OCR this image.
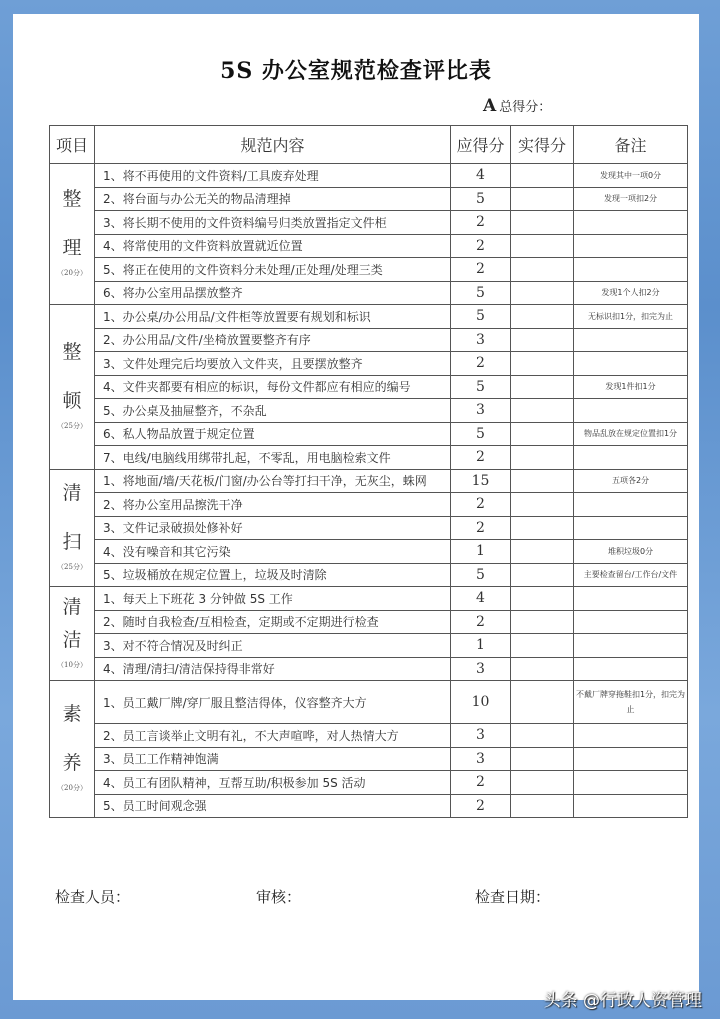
5S 办公室规范检查评比表
A 总得分：
项目	规范内容	应得分	实得分	备注

整
理
（20分）	1、将不再使用的文件资料/工具废弃处理	4		发现其中一项0分
	2、将台面与办公无关的物品清理掉	5		发现一项扣2分
	3、将长期不使用的文件资料编号归类放置指定文件柜	2		
	4、将常使用的文件资料放置就近位置	2		
	5、将正在使用的文件资料分未处理/正处理/处理三类	2		
	6、将办公室用品摆放整齐	5		发现1个人扣2分

整
顿
（25分）	1、办公桌/办公用品/文件柜等放置要有规划和标识	5		无标识扣1分，扣完为止
	2、办公用品/文件/坐椅放置要整齐有序	3		
	3、文件处理完后均要放入文件夹，且要摆放整齐	2		
	4、文件夹都要有相应的标识，每份文件都应有相应的编号	5		发现1件扣1分
	5、办公桌及抽屉整齐，不杂乱	3		
	6、私人物品放置于规定位置	5		物品乱放在规定位置扣1分
	7、电线/电脑线用绑带扎起，不零乱，用电脑检索文件	2		

清
扫
（25分）	1、将地面/墙/天花板/门窗/办公台等打扫干净，无灰尘，蛛网	15		五项各2分
	2、将办公室用品擦洗干净	2		
	3、文件记录破损处修补好	2		
	4、没有噪音和其它污染	1		堆积垃圾0分
	5、垃圾桶放在规定位置上，垃圾及时清除	5		主要检查留台/工作台/文件

清
洁
（10分）	1、每天上下班花 3 分钟做 5S 工作	4		
	2、随时自我检查/互相检查，定期或不定期进行检查	2		
	3、对不符合情况及时纠正	1		
	4、清理/清扫/清洁保持得非常好	3		

素
养
（20分）	1、员工戴厂牌/穿厂服且整洁得体，仪容整齐大方	10		不戴厂牌穿拖鞋扣1分，扣完为止
	2、员工言谈举止文明有礼，不大声喧哗，对人热情大方	3		
	3、员工工作精神饱满	3		
	4、员工有团队精神，互帮互助/积极参加 5S 活动	2		
	5、员工时间观念强	2		
检查人员：	审核：	检查日期：
头条 @行政人资管理
